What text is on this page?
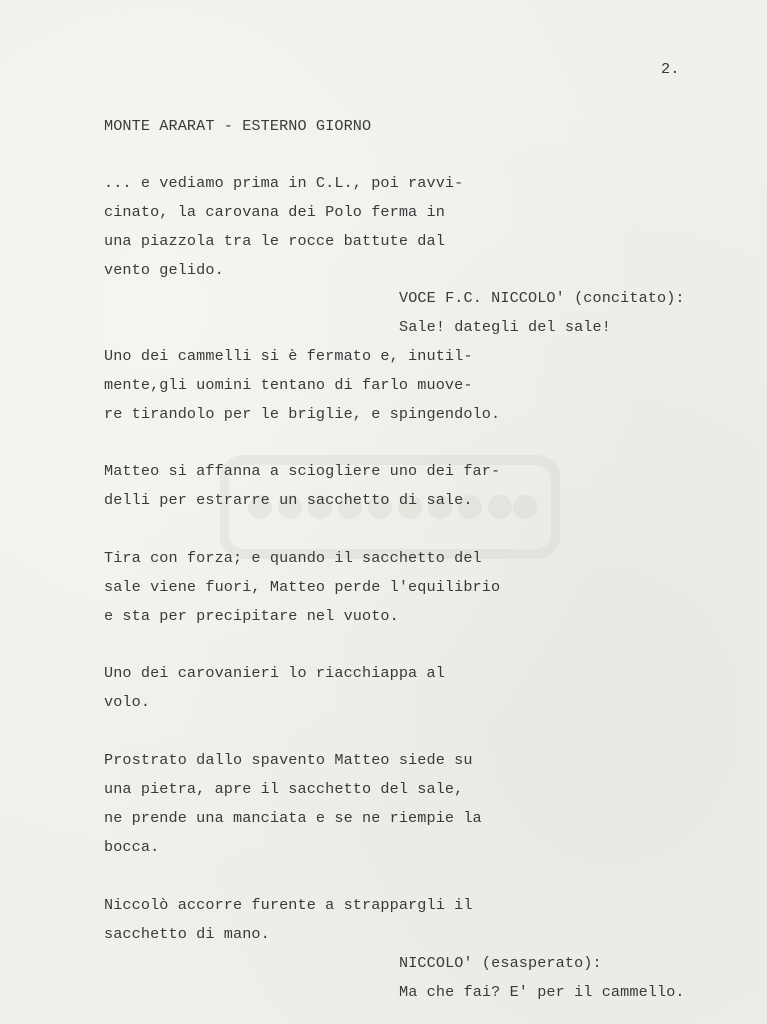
2.
MONTE ARARAT - ESTERNO GIORNO
... e vediamo prima in C.L., poi ravvi-
cinato, la carovana dei Polo ferma in
una piazzola tra le rocce battute dal
vento gelido.
VOCE F.C. NICCOLO' (concitato):
Sale! dategli del sale!
Uno dei cammelli si è fermato e, inutil-
mente,gli uomini tentano di farlo muove-
re tirandolo per le briglie, e spingendolo.
Matteo si affanna a sciogliere uno dei far-
delli per estrarre un sacchetto di sale.
Tira con forza; e quando il sacchetto del
sale viene fuori, Matteo perde l'equilibrio
e sta per precipitare nel vuoto.
Uno dei carovanieri lo riacchiappa al
volo.
Prostrato dallo spavento Matteo siede su
una pietra, apre il sacchetto del sale,
ne prende una manciata e se ne riempie la
bocca.
Niccolò accorre furente a strappargli il
sacchetto di mano.
NICCOLO' (esasperato):
Ma che fai? E' per il cammello.
